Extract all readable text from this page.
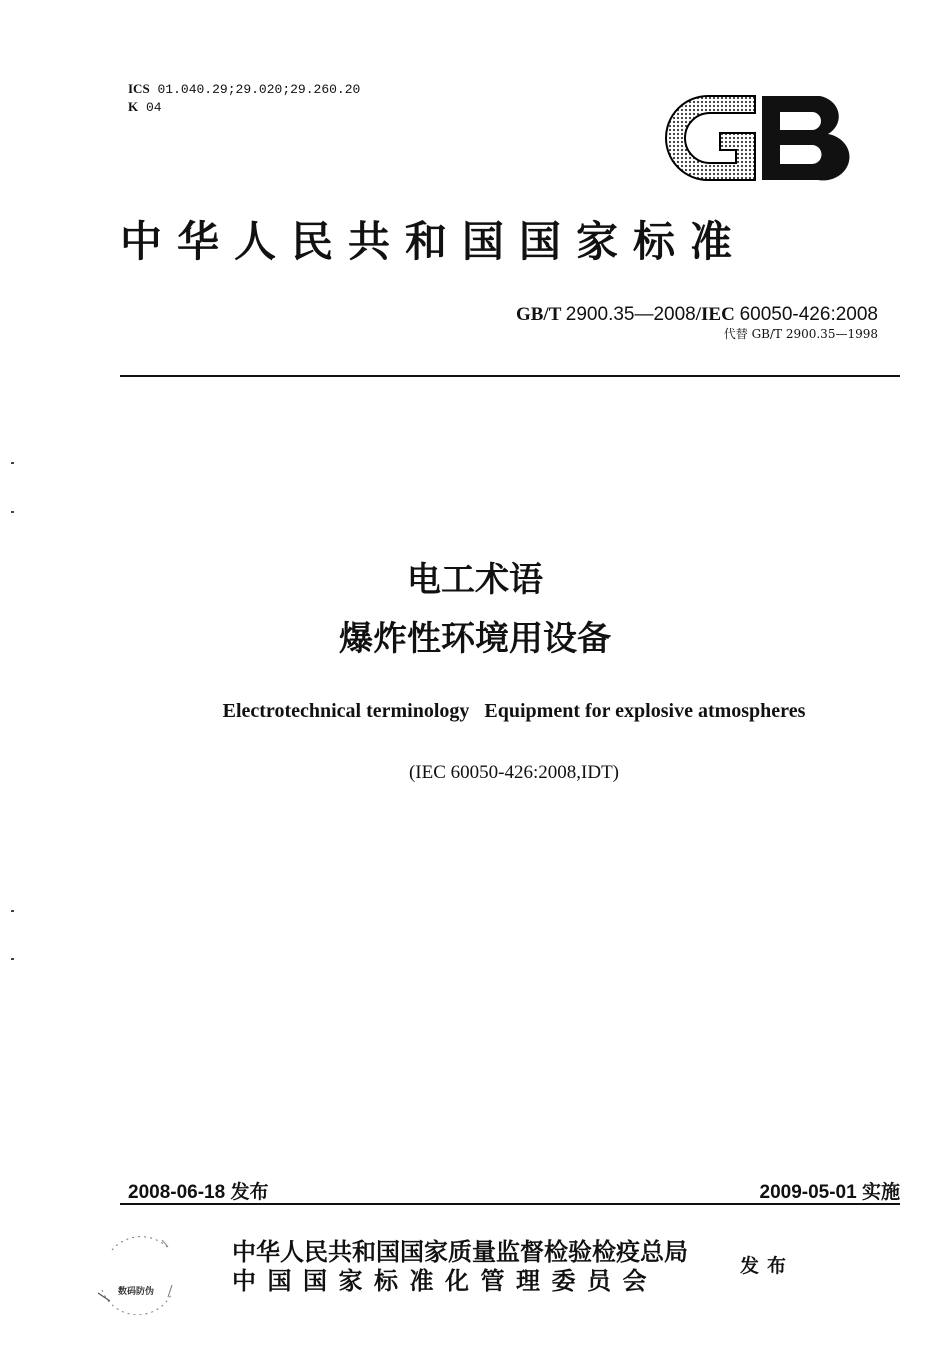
ICS 01.040.29;29.020;29.260.20
K 04
中华人民共和国国家标准
GB/T 2900.35—2008/IEC 60050-426:2008
代替 GB/T 2900.35—1998
电工术语
爆炸性环境用设备
Electrotechnical terminology   Equipment for explosive atmospheres
(IEC 60050-426:2008,IDT)
2008-06-18 发布	2009-05-01 实施
数码防伪
中华人民共和国国家质量监督检验检疫总局
中国国家标准化管理委员会	发布
